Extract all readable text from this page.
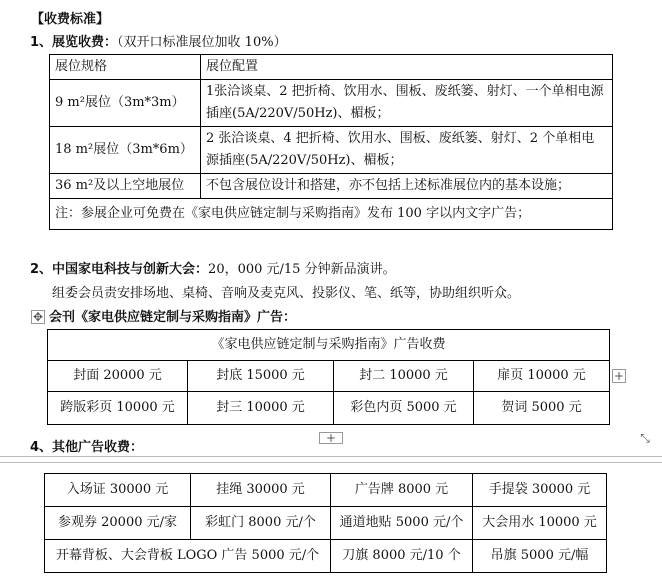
【收费标准】
1、展览收费：（双开口标准展位加收 10%）
展位规格	展位配置
9 m²展位（3m*3m）	1张洽谈桌、2 把折椅、饮用水、围板、废纸篓、射灯、一个单相电源插座(5A/220V/50Hz)、楣板；
18 m²展位（3m*6m）	2 张洽谈桌、4 把折椅、饮用水、围板、废纸篓、射灯、2 个单相电源插座(5A/220V/50Hz)、楣板；
36 m²及以上空地展位	不包含展位设计和搭建，亦不包括上述标准展位内的基本设施；
注：参展企业可免费在《家电供应链定制与采购指南》发布 100 字以内文字广告；	
2、中国家电科技与创新大会：20，000 元/15 分钟新品演讲。
组委会员责安排场地、桌椅、音响及麦克风、投影仪、笔、纸等，协助组织听众。
✥ 会刊《家电供应链定制与采购指南》广告：
《家电供应链定制与采购指南》广告收费			
封面 20000 元	封底 15000 元	封二 10000 元	扉页 10000 元
跨版彩页 10000 元	封三 10000 元	彩色内页 5000 元	贺词 5000 元
+
+	⤡
4、其他广告收费：
入场证 30000 元	挂绳 30000 元	广告牌 8000 元	手提袋 30000 元
参观券 20000 元/家	彩虹门 8000 元/个	通道地贴 5000 元/个	大会用水 10000 元
开幕背板、大会背板 LOGO 广告 5000 元/个		刀旗 8000 元/10 个	吊旗 5000 元/幅
